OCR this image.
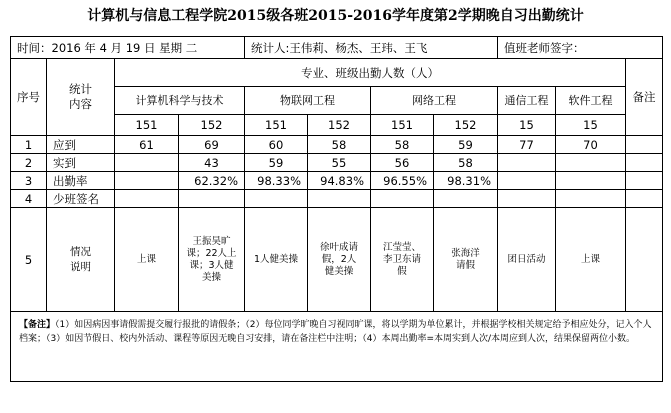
计算机与信息工程学院2015级各班2015-2016学年度第2学期晚自习出勤统计
时间：2016 年 4 月 19 日 星期 二				统计人:王伟莉、杨杰、王玮、王飞				值班老师签字：		
序号	统计内容	专业、班级出勤人数（人）								备注
		计算机科学与技术		物联网工程		网络工程		通信工程	软件工程	
		151	152	151	152	151	152	15	15	
1	应到	61	69	60	58	58	59	77	70	
2	实到		43	59	55	56	58			
3	出勤率		62.32%	98.33%	94.83%	96.55%	98.31%			
4	少班签名									
5	情况说明	上课	王振昊旷课；22人上课；3人健美操	1人健美操	徐叶成请假，2人健美操	江莹莹、李卫东请假	张海洋请假	团日活动	上课	
【备注】（1）如因病因事请假需提交履行报批的请假条；（2）每位同学旷晚自习视同旷课，将以学期为单位累计，并根据学校相关规定给予相应处分，记入个人档案；（3）如因节假日、校内外活动、课程等原因无晚自习安排，请在备注栏中注明；（4）本周出勤率=本周实到人次/本周应到人次，结果保留两位小数。										
